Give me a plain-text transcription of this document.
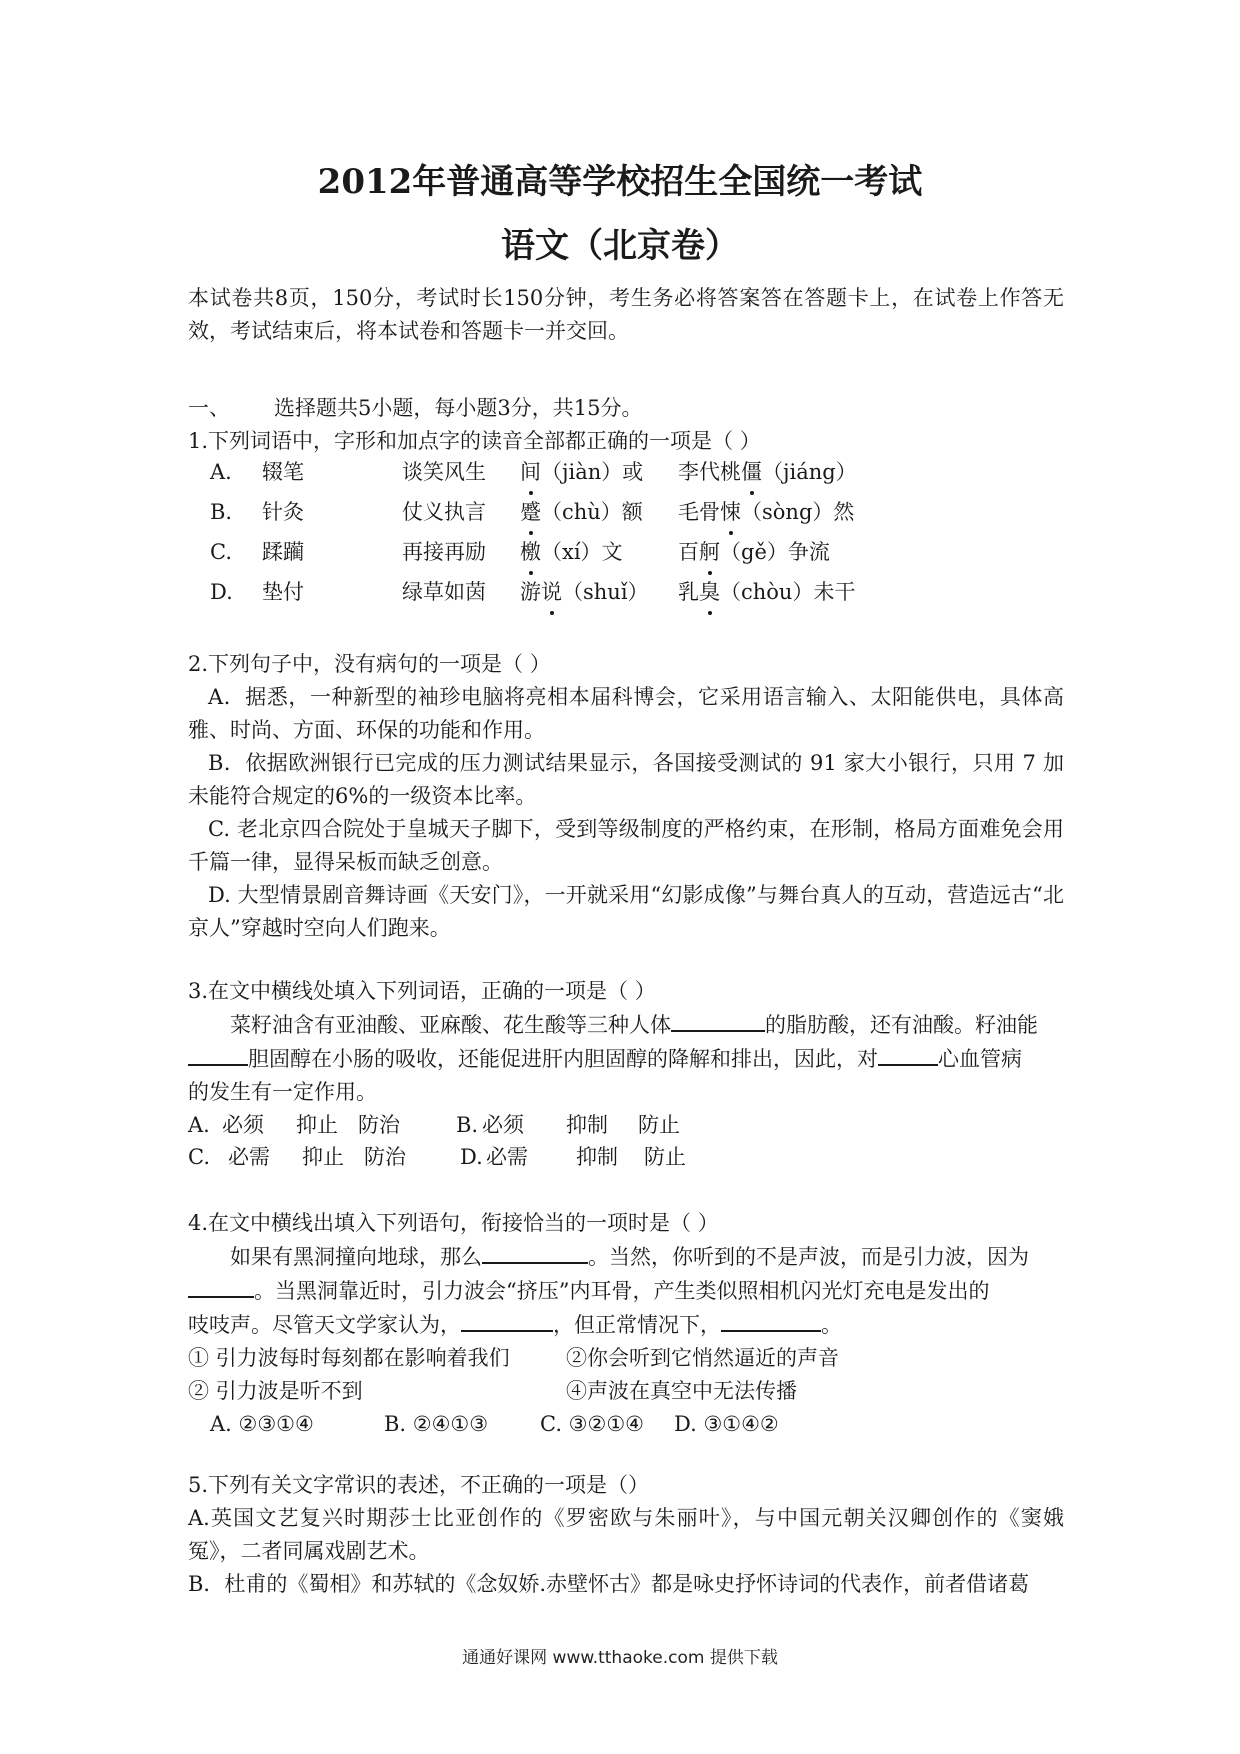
2012年普通高等学校招生全国统一考试
语文（北京卷）

本试卷共8页，150分，考试时长150分钟，考生务必将答案答在答题卡上，在试卷上作答无效，考试结束后，将本试卷和答题卡一并交回。

一、 选择题共5小题，每小题3分，共15分。

1.下列词语中，字形和加点字的读音全部都正确的一项是（ ）

A.	辍笔	谈笑风生	间（jiàn）或	李代桃僵（jiáng）
B.	针灸	仗义执言	蹙（chù）额	毛骨悚（sòng）然
C.	蹂躏	再接再励	檄（xí）文	百舸（gě）争流
D.	垫付	绿草如茵	游说（shuǐ）	乳臭（chòu）未干

2.下列句子中，没有病句的一项是（ ）

A．据悉，一种新型的袖珍电脑将亮相本届科博会，它采用语言输入、太阳能供电，具体高雅、时尚、方面、环保的功能和作用。

B．依据欧洲银行已完成的压力测试结果显示，各国接受测试的 91 家大小银行，只用 7 加未能符合规定的6%的一级资本比率。

C. 老北京四合院处于皇城天子脚下，受到等级制度的严格约束，在形制，格局方面难免会用千篇一律，显得呆板而缺乏创意。

D. 大型情景剧音舞诗画《天安门》，一开就采用“幻影成像”与舞台真人的互动，营造远古“北京人”穿越时空向人们跑来。

3.在文中横线处填入下列词语，正确的一项是（ ）

菜籽油含有亚油酸、亚麻酸、花生酸等三种人体	的脂肪酸，还有油酸。籽油能

胆固醇在小肠的吸收，还能促进肝内胆固醇的降解和排出，因此，对	心血管病

的发生有一定作用。

A. 必须	抑止 防治	B. 必须	抑制	防止
C. 必需	抑止 防治	D. 必需	抑制	防止

4.在文中横线出填入下列语句，衔接恰当的一项时是（ ）

如果有黑洞撞向地球，那么	。当然，你听到的不是声波，而是引力波，因为

。当黑洞靠近时，引力波会“挤压”内耳骨，产生类似照相机闪光灯充电是发出的

吱吱声。尽管天文学家认为，	，但正常情况下，	。

① 引力波每时每刻都在影响着我们	②你会听到它悄然逼近的声音
② 引力波是听不到	④声波在真空中无法传播
A. ②③①④	B. ②④①③	C. ③②①④	D. ③①④②

5.下列有关文字常识的表述，不正确的一项是（）

A.英国文艺复兴时期莎士比亚创作的《罗密欧与朱丽叶》，与中国元朝关汉卿创作的《窦娥冤》，二者同属戏剧艺术。

B．杜甫的《蜀相》和苏轼的《念奴娇.赤壁怀古》都是咏史抒怀诗词的代表作，前者借诸葛

通通好课网 www.tthaoke.com 提供下载
